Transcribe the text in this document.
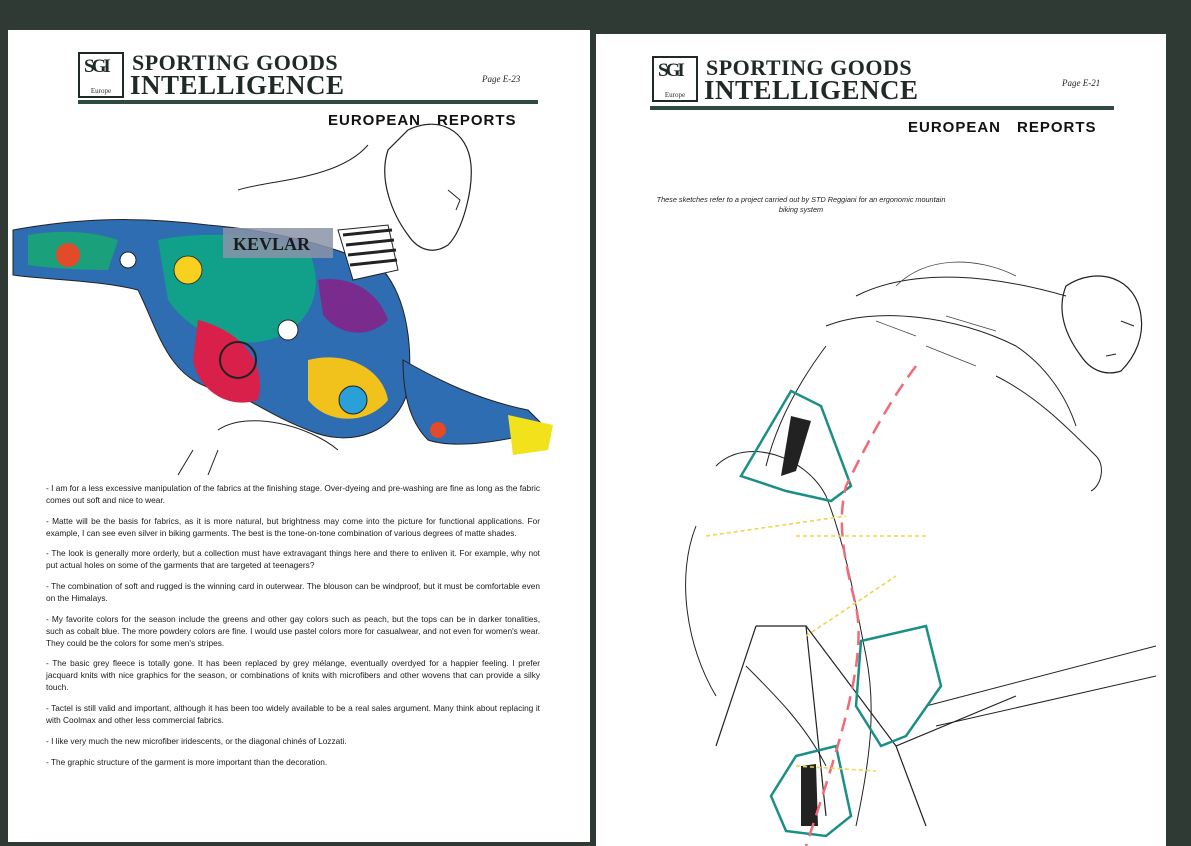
SGI
Europe
SPORTING GOODS
INTELLIGENCE	Page E-23
EUROPEAN REPORTS
KEVLAR

- I am for a less excessive manipulation of the fabrics at the finishing stage. Over-dyeing and pre-washing are fine as long as the fabric comes out soft and nice to wear.

- Matte will be the basis for fabrics, as it is more natural, but brightness may come into the picture for functional applications. For example, I can see even silver in biking garments. The best is the tone-on-tone combination of various degrees of matte shades.

- The look is generally more orderly, but a collection must have extravagant things here and there to enliven it. For example, why not put actual holes on some of the garments that are targeted at teenagers?

- The combination of soft and rugged is the winning card in outerwear. The blouson can be windproof, but it must be comfortable even on the Himalays.

- My favorite colors for the season include the greens and other gay colors such as peach, but the tops can be in darker tonalities, such as cobalt blue. The more powdery colors are fine. I would use pastel colors more for casualwear, and not even for women's wear. They could be the colors for some men's stripes.

- The basic grey fleece is totally gone. It has been replaced by grey mélange, eventually overdyed for a happier feeling. I prefer jacquard knits with nice graphics for the season, or combinations of knits with microfibers and other wovens that can provide a silky touch.

- Tactel is still valid and important, although it has been too widely available to be a real sales argument. Many think about replacing it with Coolmax and other less commercial fabrics.

- I like very much the new microfiber iridescents, or the diagonal chinés of Lozzati.

- The graphic structure of the garment is more important than the decoration.

SGI
Europe
SPORTING GOODS
INTELLIGENCE	Page E-21
EUROPEAN REPORTS
These sketches refer to a project carried out by STD Reggiani for an ergonomic mountain biking system
